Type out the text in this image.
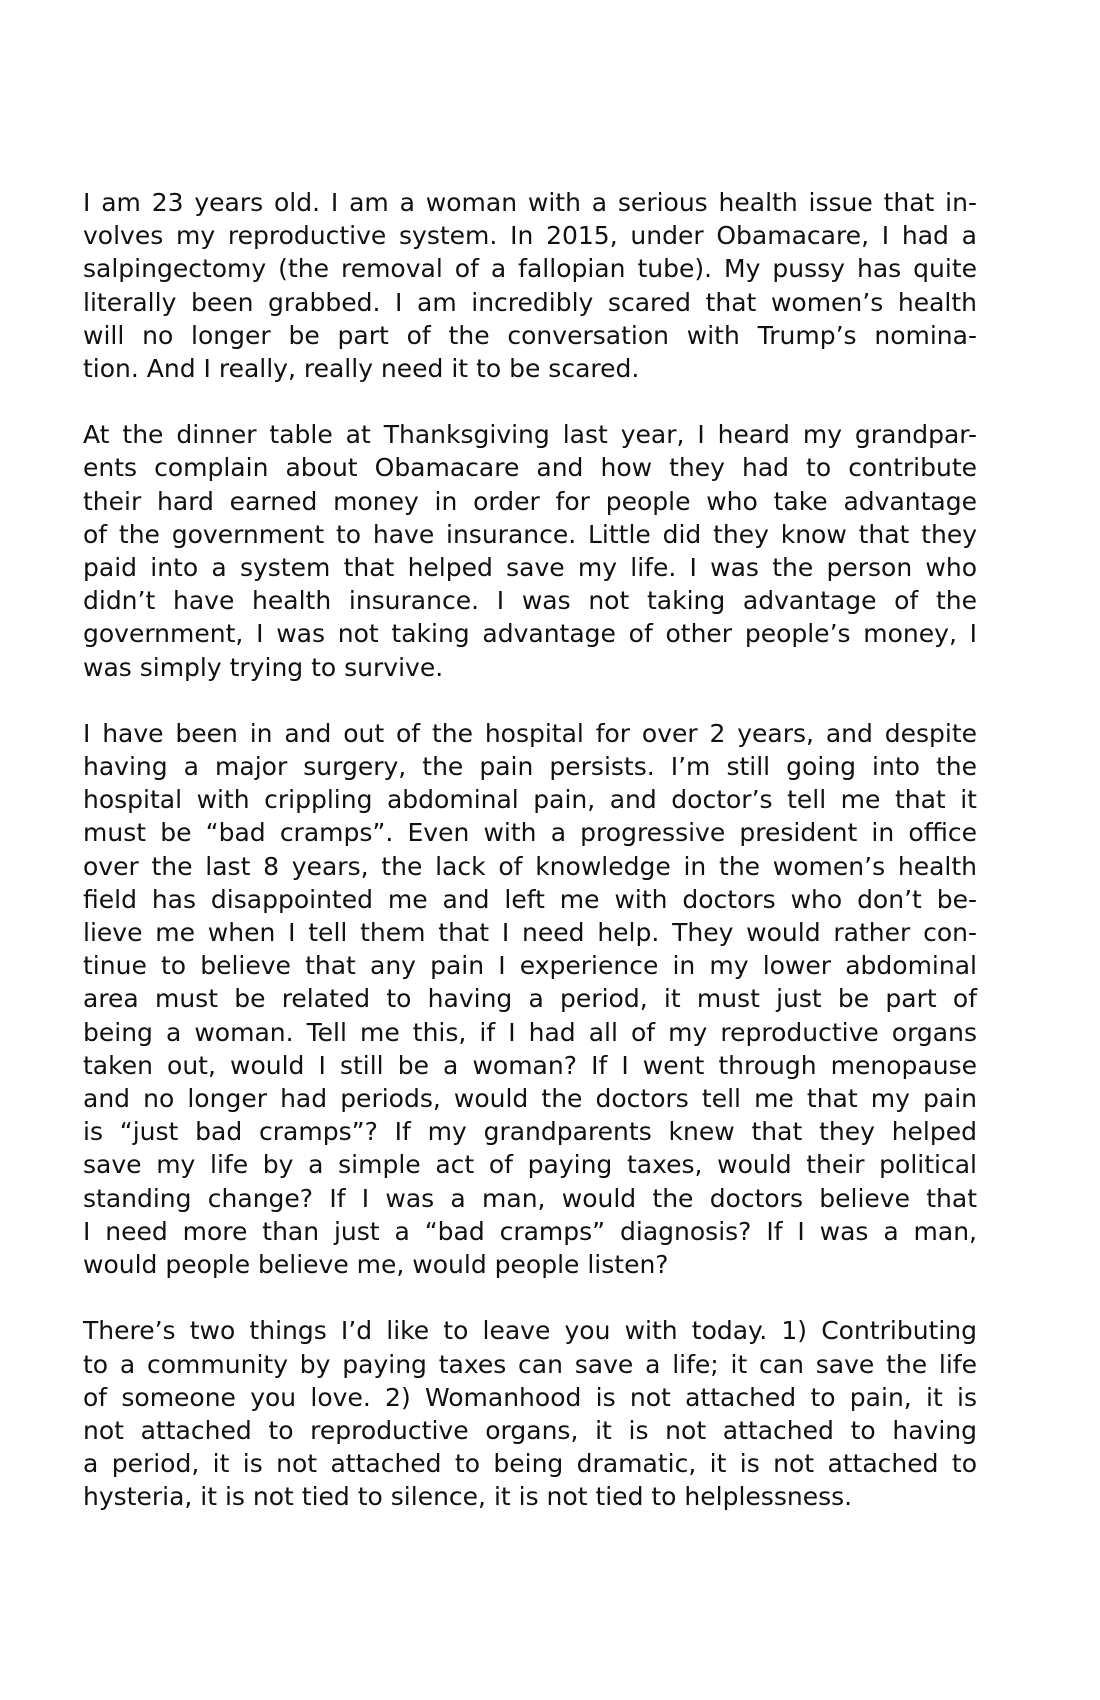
I am 23 years old. I am a woman with a serious health issue that in-
volves my reproductive system. In 2015, under Obamacare, I had a
salpingectomy (the removal of a fallopian tube). My pussy has quite
literally been grabbed. I am incredibly scared that women’s health
will no longer be part of the conversation with Trump’s nomina-
tion. And I really, really need it to be scared.

At the dinner table at Thanksgiving last year, I heard my grandpar-
ents complain about Obamacare and how they had to contribute
their hard earned money in order for people who take advantage
of the government to have insurance. Little did they know that they
paid into a system that helped save my life. I was the person who
didn’t have health insurance. I was not taking advantage of the
government, I was not taking advantage of other people’s money, I
was simply trying to survive.

I have been in and out of the hospital for over 2 years, and despite
having a major surgery, the pain persists. I’m still going into the
hospital with crippling abdominal pain, and doctor’s tell me that it
must be “bad cramps”. Even with a progressive president in office
over the last 8 years, the lack of knowledge in the women’s health
field has disappointed me and left me with doctors who don’t be-
lieve me when I tell them that I need help. They would rather con-
tinue to believe that any pain I experience in my lower abdominal
area must be related to having a period, it must just be part of
being a woman. Tell me this, if I had all of my reproductive organs
taken out, would I still be a woman? If I went through menopause
and no longer had periods, would the doctors tell me that my pain
is “just bad cramps”? If my grandparents knew that they helped
save my life by a simple act of paying taxes, would their political
standing change? If I was a man, would the doctors believe that
I need more than just a “bad cramps” diagnosis? If I was a man,
would people believe me, would people listen?

There’s two things I’d like to leave you with today. 1) Contributing
to a community by paying taxes can save a life; it can save the life
of someone you love. 2) Womanhood is not attached to pain, it is
not attached to reproductive organs, it is not attached to having
a period, it is not attached to being dramatic, it is not attached to
hysteria, it is not tied to silence, it is not tied to helplessness.
